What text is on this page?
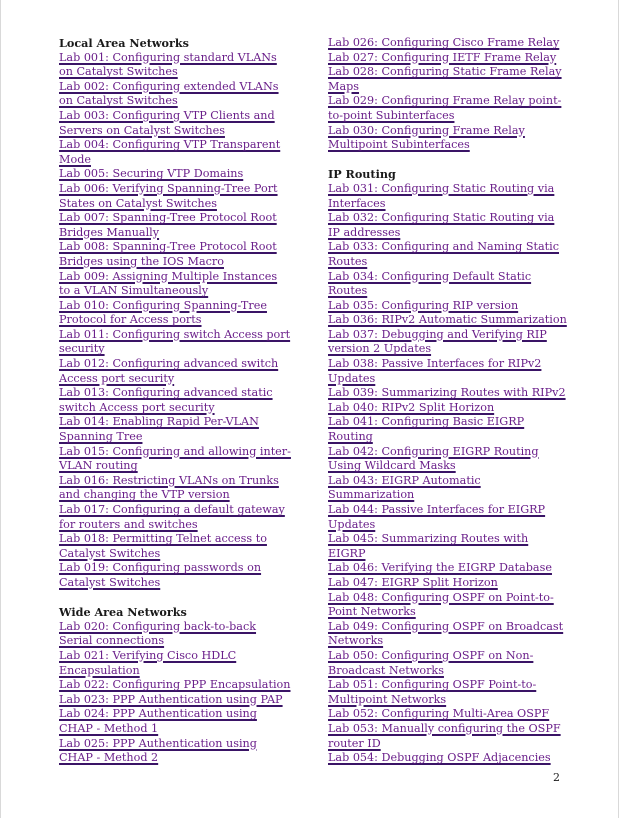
Local Area Networks
Lab 001: Configuring standard VLANs on Catalyst Switches
Lab 002: Configuring extended VLANs on Catalyst Switches
Lab 003: Configuring VTP Clients and Servers on Catalyst Switches
Lab 004: Configuring VTP Transparent Mode
Lab 005: Securing VTP Domains
Lab 006: Verifying Spanning-Tree Port States on Catalyst Switches
Lab 007: Spanning-Tree Protocol Root Bridges Manually
Lab 008: Spanning-Tree Protocol Root Bridges using the IOS Macro
Lab 009: Assigning Multiple Instances to a VLAN Simultaneously
Lab 010: Configuring Spanning-Tree Protocol for Access ports
Lab 011: Configuring switch Access port security
Lab 012: Configuring advanced switch Access port security
Lab 013: Configuring advanced static switch Access port security
Lab 014: Enabling Rapid Per-VLAN Spanning Tree
Lab 015: Configuring and allowing inter-VLAN routing
Lab 016: Restricting VLANs on Trunks and changing the VTP version
Lab 017: Configuring a default gateway for routers and switches
Lab 018: Permitting Telnet access to Catalyst Switches
Lab 019: Configuring passwords on Catalyst Switches
Wide Area Networks
Lab 020: Configuring back-to-back Serial connections
Lab 021: Verifying Cisco HDLC Encapsulation
Lab 022: Configuring PPP Encapsulation
Lab 023: PPP Authentication using PAP
Lab 024: PPP Authentication using CHAP - Method 1
Lab 025: PPP Authentication using CHAP - Method 2
Lab 026: Configuring Cisco Frame Relay
Lab 027: Configuring IETF Frame Relay
Lab 028: Configuring Static Frame Relay Maps
Lab 029: Configuring Frame Relay point-to-point Subinterfaces
Lab 030: Configuring Frame Relay Multipoint Subinterfaces
IP Routing
Lab 031: Configuring Static Routing via Interfaces
Lab 032: Configuring Static Routing via IP addresses
Lab 033: Configuring and Naming Static Routes
Lab 034: Configuring Default Static Routes
Lab 035: Configuring RIP version
Lab 036: RIPv2 Automatic Summarization
Lab 037: Debugging and Verifying RIP version 2 Updates
Lab 038: Passive Interfaces for RIPv2 Updates
Lab 039: Summarizing Routes with RIPv2
Lab 040: RIPv2 Split Horizon
Lab 041: Configuring Basic EIGRP Routing
Lab 042: Configuring EIGRP Routing Using Wildcard Masks
Lab 043: EIGRP Automatic Summarization
Lab 044: Passive Interfaces for EIGRP Updates
Lab 045: Summarizing Routes with EIGRP
Lab 046: Verifying the EIGRP Database
Lab 047: EIGRP Split Horizon
Lab 048: Configuring OSPF on Point-to-Point Networks
Lab 049: Configuring OSPF on Broadcast Networks
Lab 050: Configuring OSPF on Non-Broadcast Networks
Lab 051: Configuring OSPF Point-to-Multipoint Networks
Lab 052: Configuring Multi-Area OSPF
Lab 053: Manually configuring the OSPF router ID
Lab 054: Debugging OSPF Adjacencies
2
